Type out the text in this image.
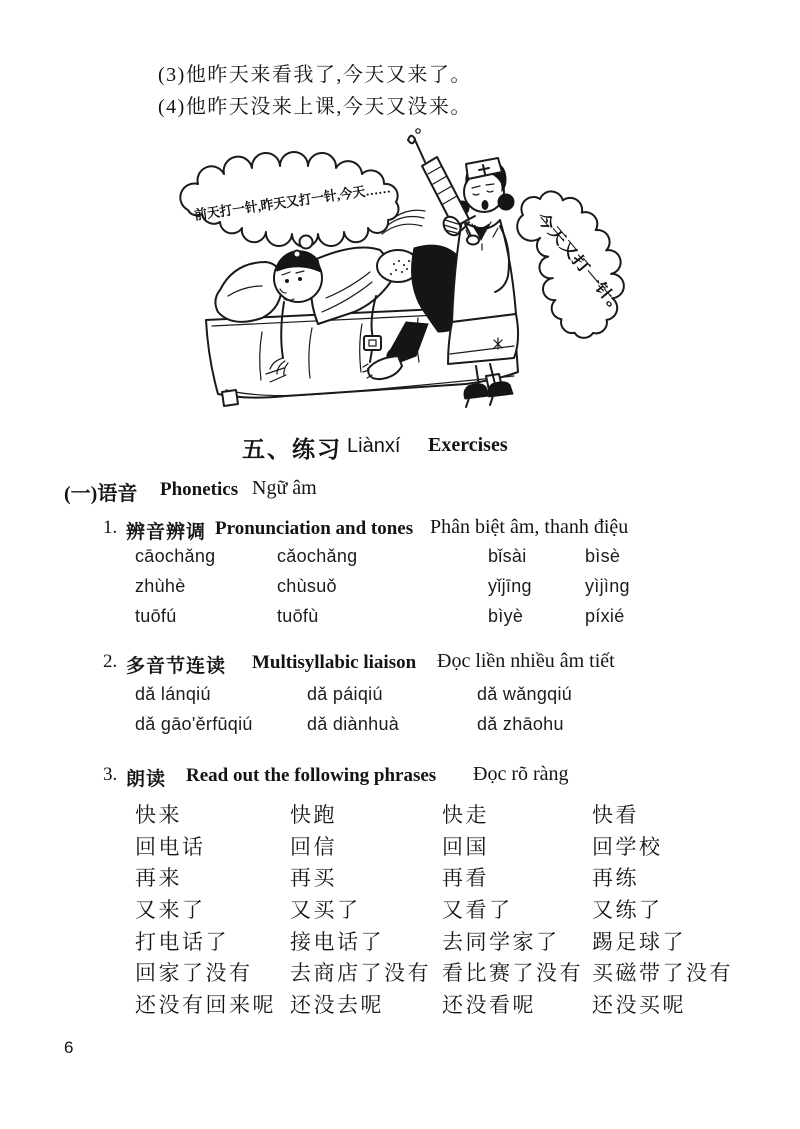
(3)他昨天来看我了,今天又来了。
(4)他昨天没来上课,今天又没来。
前天打一针,昨天又打一针,今天……
今天又打一针。
五、练习 Liànxí Exercises
(一)语音 Phonetics Ngữ âm
1. 辨音辨调 Pronunciation and tones Phân biệt âm, thanh điệu
cāochǎng	cǎochǎng	bǐsài	bìsè
zhùhè	chùsuǒ	yǐjīng	yìjìng
tuōfú	tuōfù	bìyè	píxié
2. 多音节连读 Multisyllabic liaison Đọc liền nhiều âm tiết
dǎ lánqiú	dǎ páiqiú	dǎ wǎngqiú
dǎ gāo'ěrfūqiú	dǎ diànhuà	dǎ zhāohu
3. 朗读 Read out the following phrases Đọc rõ ràng
快来	快跑	快走	快看
回电话	回信	回国	回学校
再来	再买	再看	再练
又来了	又买了	又看了	又练了
打电话了	接电话了	去同学家了 踢足球了
回家了没有 去商店了没有 看比赛了没有 买磁带了没有
还没有回来呢 还没去呢	还没看呢	还没买呢
6
